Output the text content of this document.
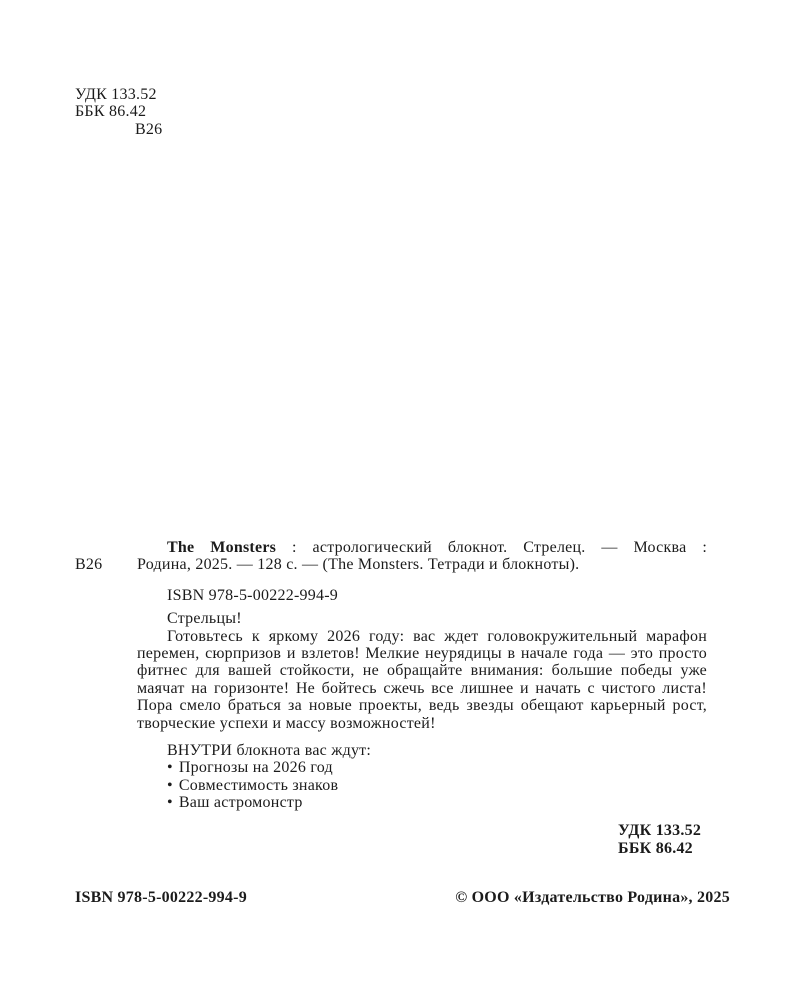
УДК 133.52
ББК 86.42
В26
В26
The Monsters : астрологический блокнот. Стрелец. — Москва :
Родина, 2025. — 128 с. — (The Monsters. Тетради и блокноты).
ISBN 978-5-00222-994-9

Стрельцы!

Готовьтесь к яркому 2026 году: вас ждет головокружительный марафон перемен, сюрпризов и взлетов! Мелкие неурядицы в начале года — это просто фитнес для вашей стойкости, не обращайте внимания: большие победы уже маячат на горизонте! Не бойтесь сжечь все лишнее и начать с чистого листа! Пора смело браться за новые проекты, ведь звезды обещают карьерный рост, творческие успехи и массу возможностей!

ВНУТРИ блокнота вас ждут:
• Прогнозы на 2026 год
• Совместимость знаков
• Ваш астромонстр
УДК 133.52
ББК 86.42
ISBN 978-5-00222-994-9	© ООО «Издательство Родина», 2025
